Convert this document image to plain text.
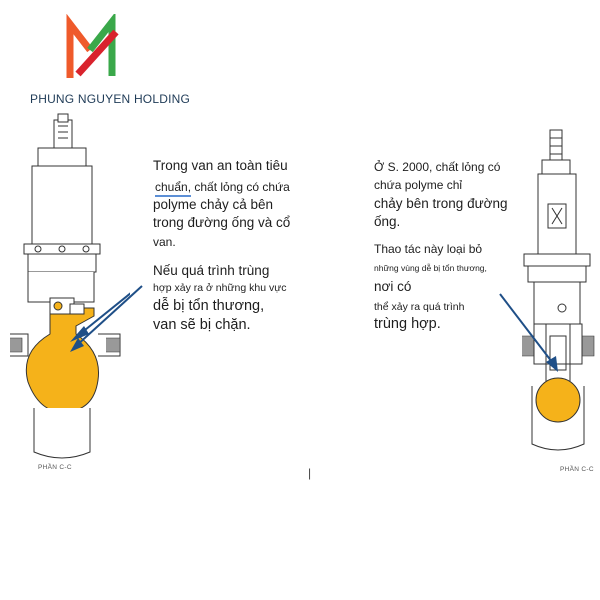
PHUNG NGUYEN HOLDING
PHẦN C-C
Trong van an toàn tiêu
chuẩn, chất lỏng có chứa
polyme chảy cả bên
trong đường ống và cổ
van.
Nếu quá trình trùng
hợp xảy ra ở những khu vực
dễ bị tổn thương,
van sẽ bị chặn.
|
Ở S. 2000, chất lỏng có
chứa polyme chỉ
chảy bên trong đường
ống.
Thao tác này loại bỏ
những vùng dễ bị tổn thương,
nơi có
thể xảy ra quá trình
trùng hợp.
PHẦN C-C
